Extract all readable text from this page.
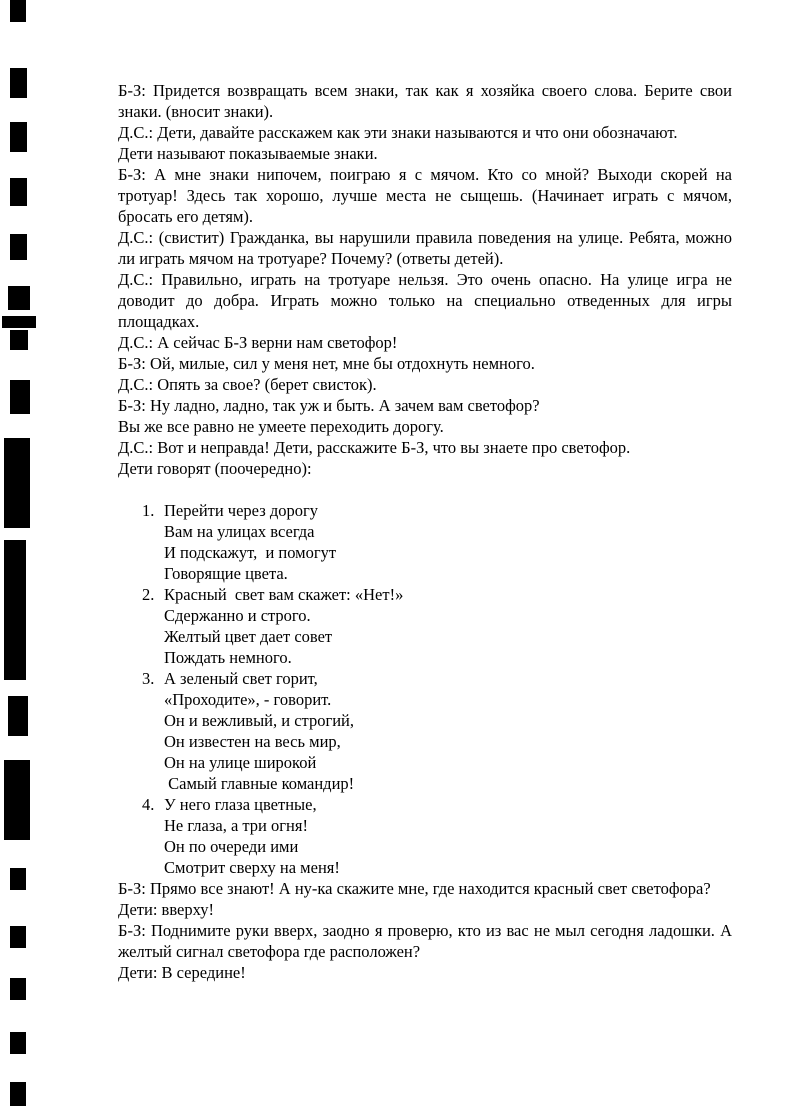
Б-З: Придется возвращать всем знаки, так как я хозяйка своего слова. Берите свои знаки. (вносит знаки).

Д.С.: Дети, давайте расскажем как эти знаки называются и что они обозначают.

Дети называют показываемые знаки.

Б-З: А мне знаки нипочем, поиграю я с мячом. Кто со мной? Выходи скорей на тротуар! Здесь так хорошо, лучше места не сыщешь. (Начинает играть с мячом, бросать его детям).

Д.С.: (свистит) Гражданка, вы нарушили правила поведения на улице. Ребята, можно ли играть мячом на тротуаре? Почему? (ответы детей).

Д.С.: Правильно, играть на тротуаре нельзя. Это очень опасно. На улице игра не доводит до добра. Играть можно только на специально отведенных для игры площадках.

Д.С.: А сейчас Б-З верни нам светофор!

Б-З: Ой, милые, сил у меня нет, мне бы отдохнуть немного.

Д.С.: Опять за свое? (берет свисток).

Б-З: Ну ладно, ладно, так уж и быть. А зачем вам светофор?

Вы же все равно не умеете переходить дорогу.

Д.С.: Вот и неправда! Дети, расскажите Б-З, что вы знаете про светофор.

Дети говорят (поочередно):

1. Перейти через дорогу
Вам на улицах всегда
И подскажут,  и помогут
Говорящие цвета.
2. Красный  свет вам скажет: «Нет!»
Сдержанно и строго.
Желтый цвет дает совет
Пождать немного.
3. А зеленый свет горит,
«Проходите», - говорит.
Он и вежливый, и строгий,
Он известен на весь мир,
Он на улице широкой
Самый главные командир!
4. У него глаза цветные,
Не глаза, а три огня!
Он по очереди ими
Смотрит сверху на меня!

Б-З: Прямо все знают! А ну-ка скажите мне, где находится красный свет светофора?

Дети: вверху!

Б-З: Поднимите руки вверх, заодно я проверю, кто из вас не мыл сегодня ладошки. А желтый сигнал светофора где расположен?

Дети: В середине!
